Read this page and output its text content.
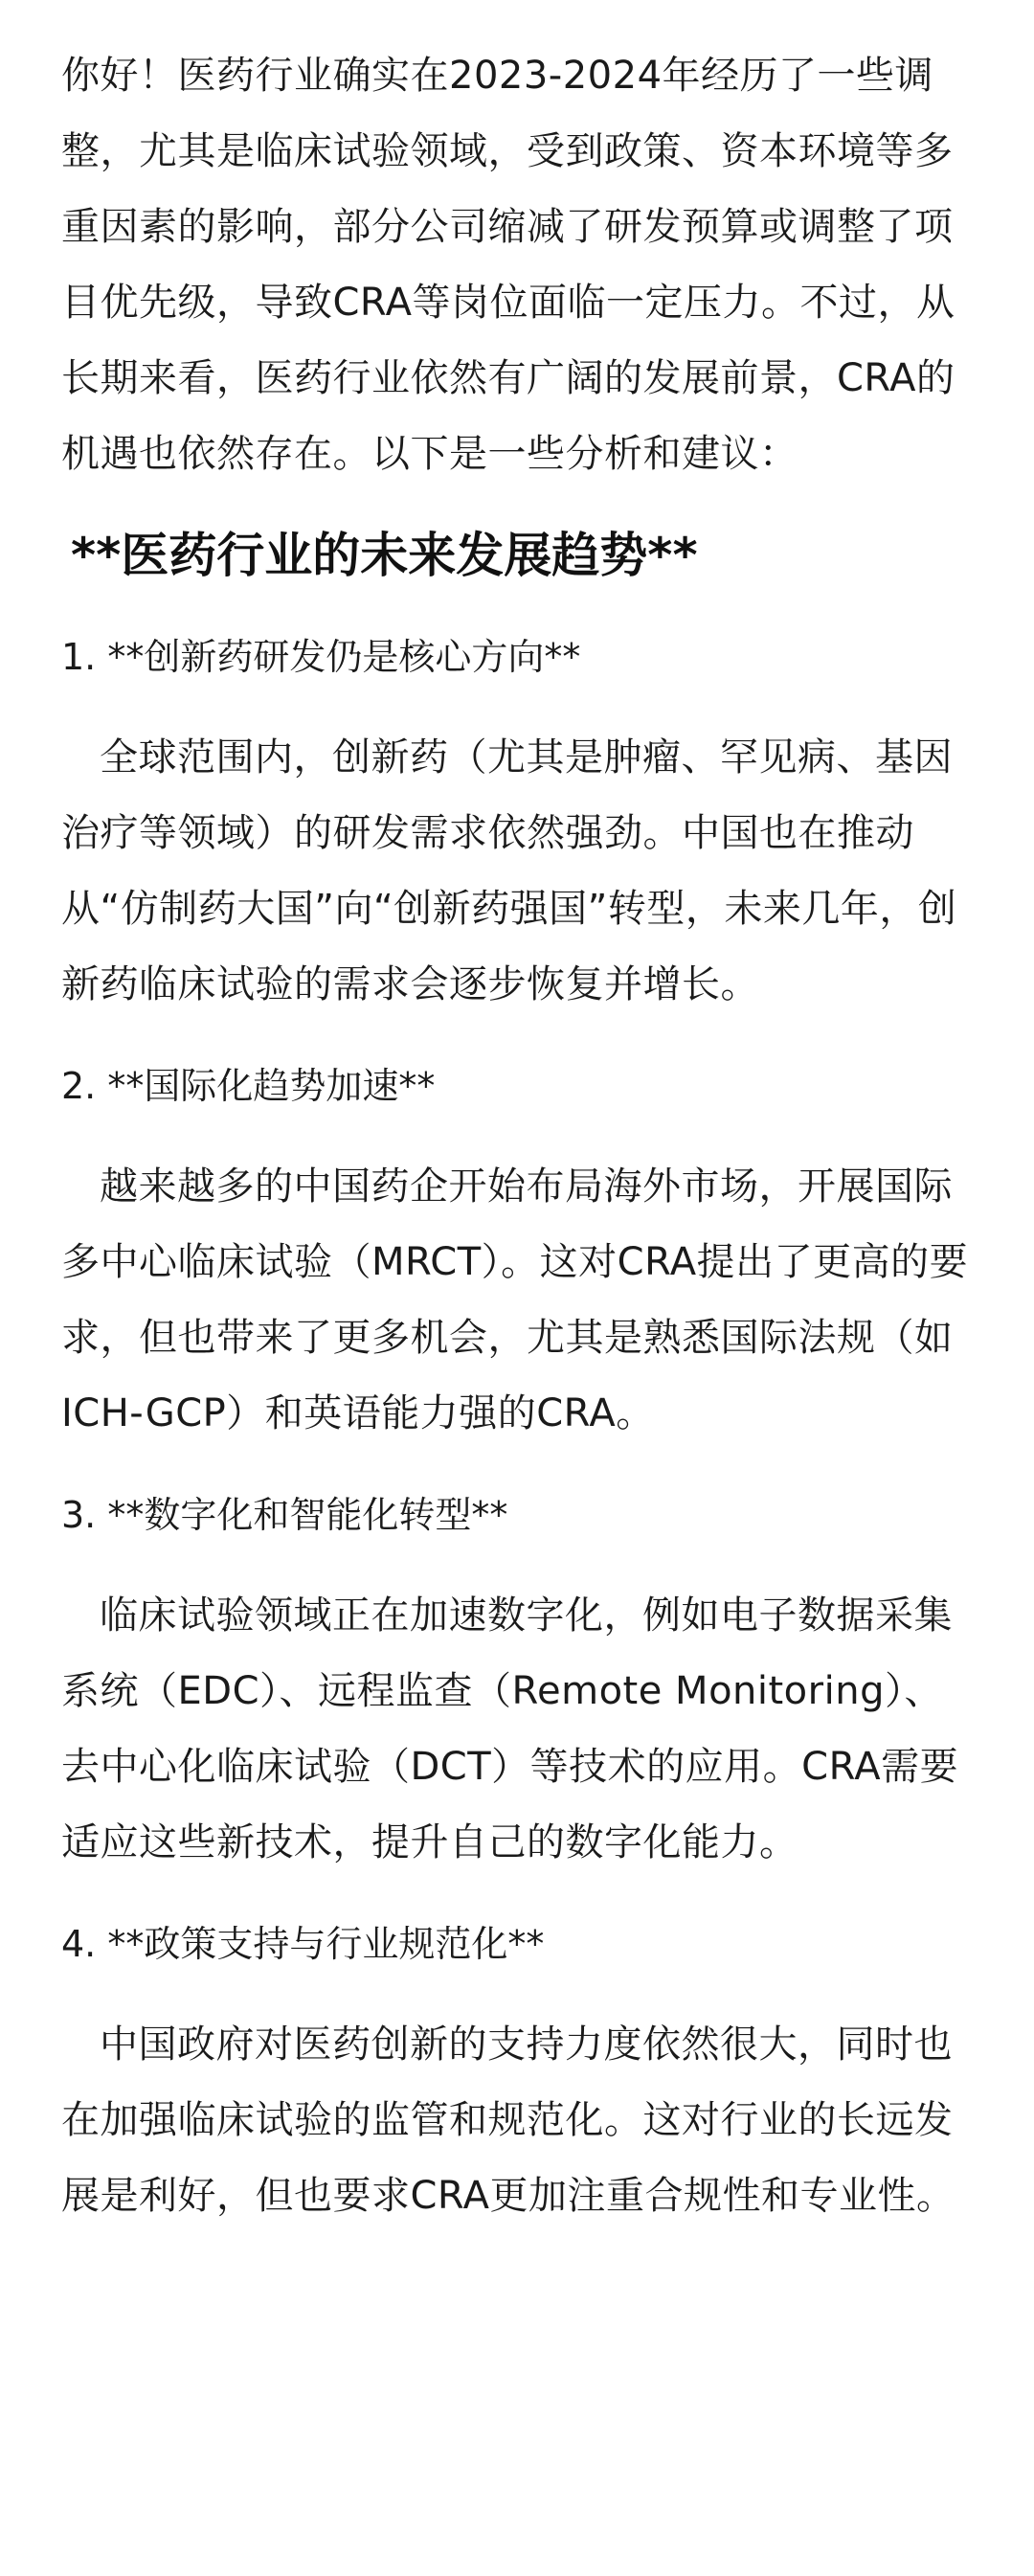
你好！医药行业确实在2023-2024年经历了一些调整，尤其是临床试验领域，受到政策、资本环境等多重因素的影响，部分公司缩减了研发预算或调整了项目优先级，导致CRA等岗位面临一定压力。不过，从长期来看，医药行业依然有广阔的发展前景，CRA的机遇也依然存在。以下是一些分析和建议：

**医药行业的未来发展趋势**

1. **创新药研发仍是核心方向**

全球范围内，创新药（尤其是肿瘤、罕见病、基因治疗等领域）的研发需求依然强劲。中国也在推动从“仿制药大国”向“创新药强国”转型，未来几年，创新药临床试验的需求会逐步恢复并增长。

2. **国际化趋势加速**

越来越多的中国药企开始布局海外市场，开展国际多中心临床试验（MRCT）。这对CRA提出了更高的要求，但也带来了更多机会，尤其是熟悉国际法规（如ICH-GCP）和英语能力强的CRA。

3. **数字化和智能化转型**

临床试验领域正在加速数字化，例如电子数据采集系统（EDC）、远程监查（Remote Monitoring）、去中心化临床试验（DCT）等技术的应用。CRA需要适应这些新技术，提升自己的数字化能力。

4. **政策支持与行业规范化**

中国政府对医药创新的支持力度依然很大，同时也在加强临床试验的监管和规范化。这对行业的长远发展是利好，但也要求CRA更加注重合规性和专业性。
